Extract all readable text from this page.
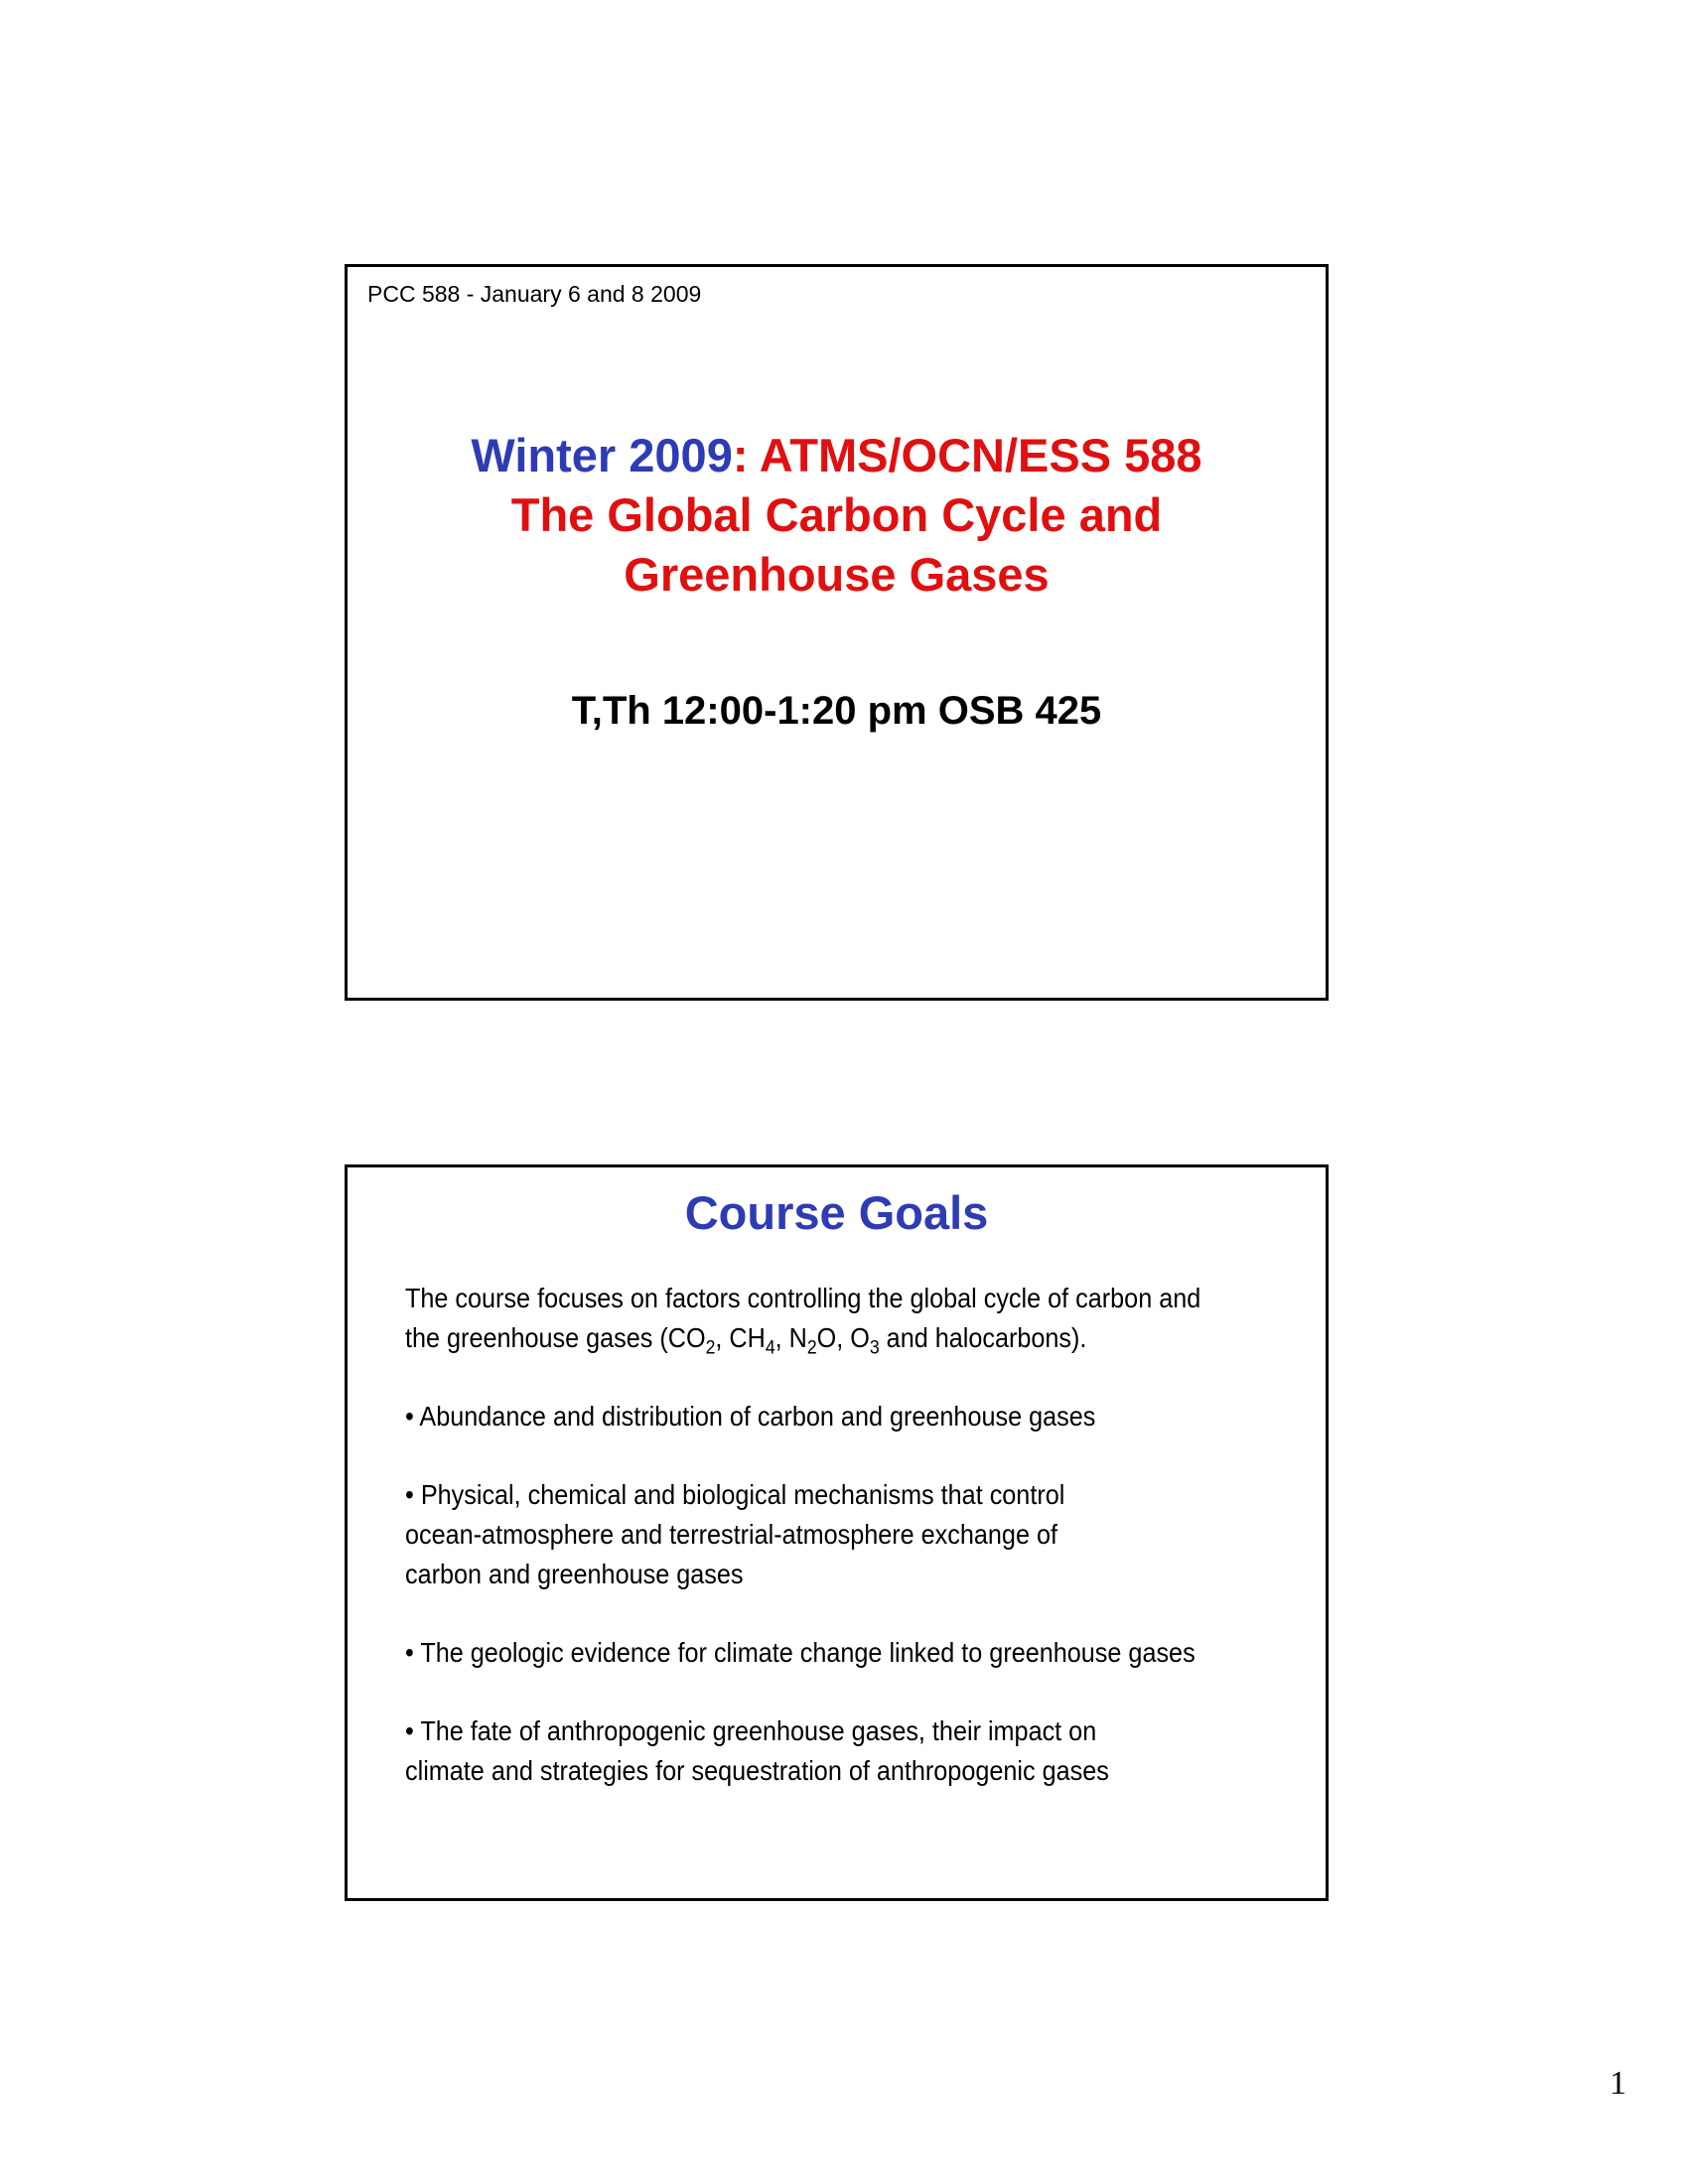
PCC 588 - January 6 and 8 2009
Winter 2009: ATMS/OCN/ESS 588
The Global Carbon Cycle and
Greenhouse Gases
T,Th 12:00-1:20 pm OSB 425
Course Goals

The course focuses on factors controlling the global cycle of carbon and
the greenhouse gases ($CO_2$, $CH_4$, $N_2O$, $O_3$ and halocarbons).

• Abundance and distribution of carbon and greenhouse gases

• Physical, chemical and biological mechanisms that control ocean-atmosphere and terrestrial-atmosphere exchange of carbon and greenhouse gases

• The geologic evidence for climate change linked to greenhouse gases

• The fate of anthropogenic greenhouse gases, their impact on climate and strategies for sequestration of anthropogenic gases

1
